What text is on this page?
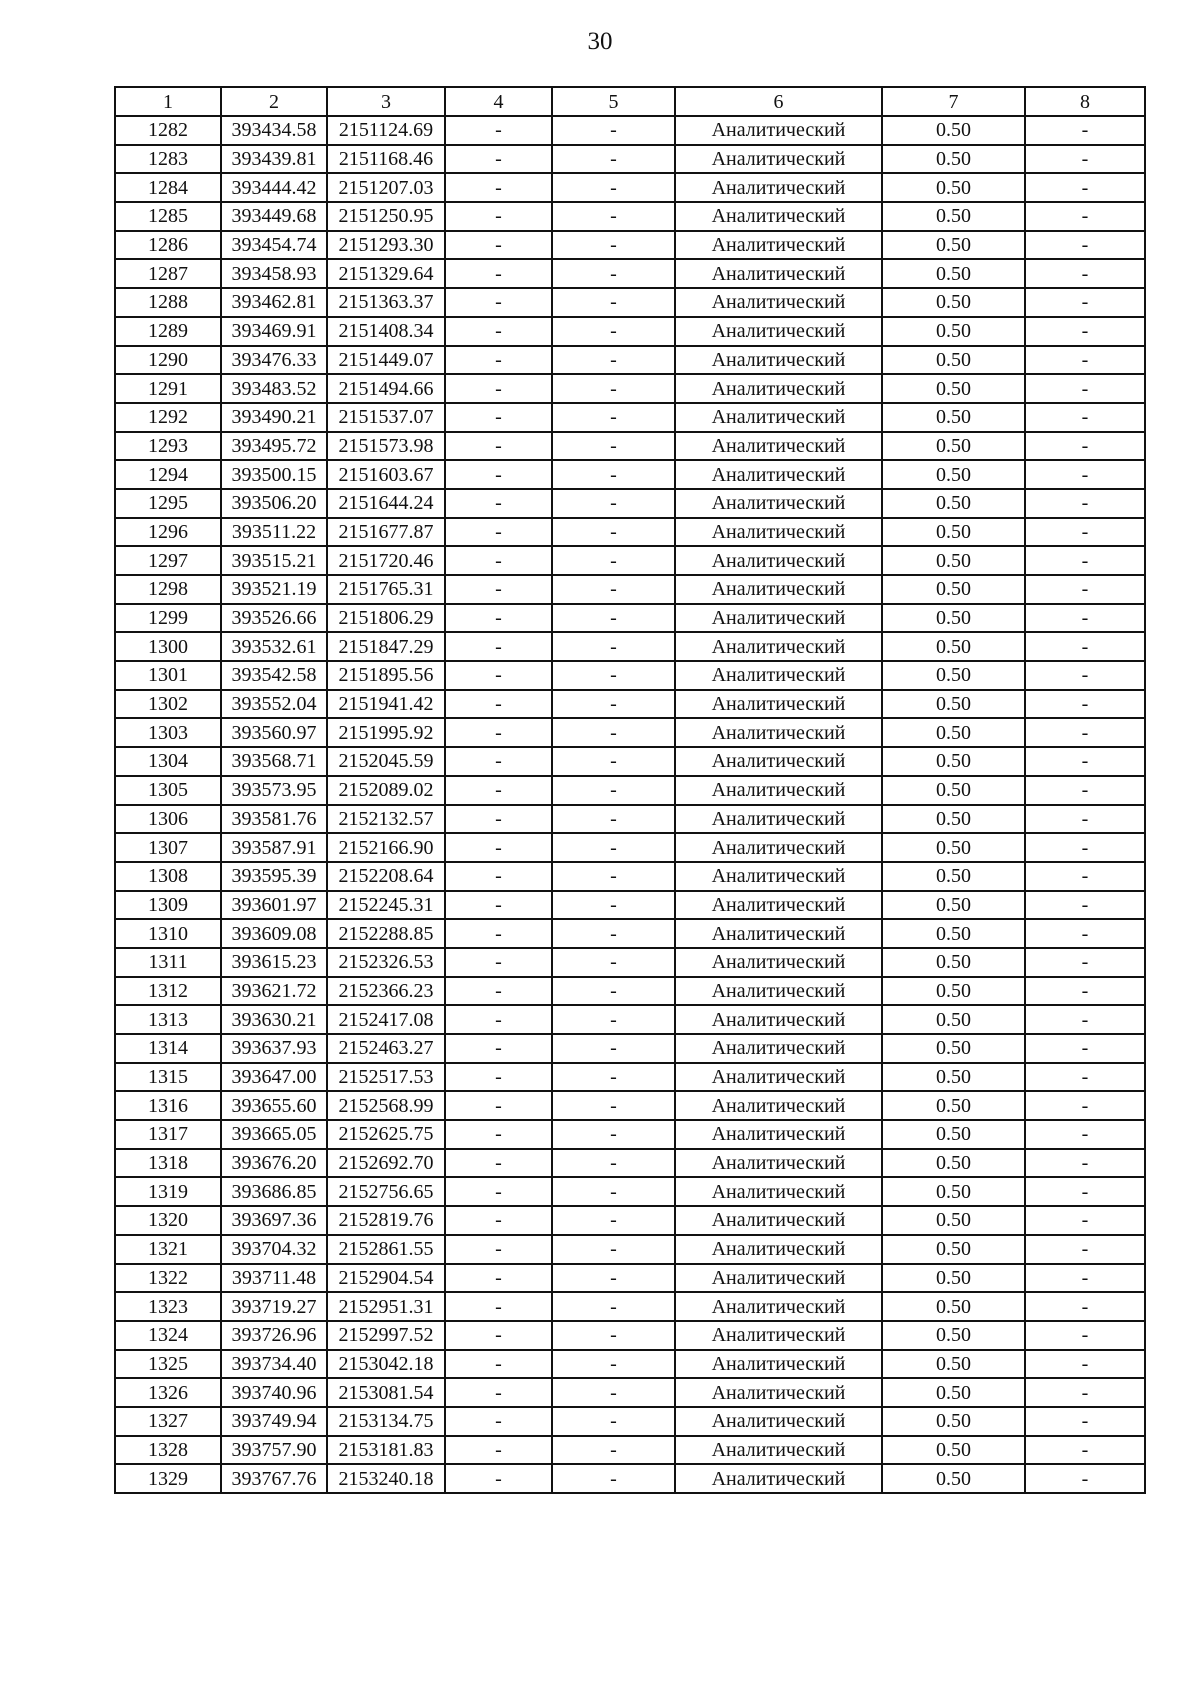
30
1	2	3	4	5	6	7	8
1282	393434.58	2151124.69	-	-	Аналитический	0.50	-
1283	393439.81	2151168.46	-	-	Аналитический	0.50	-
1284	393444.42	2151207.03	-	-	Аналитический	0.50	-
1285	393449.68	2151250.95	-	-	Аналитический	0.50	-
1286	393454.74	2151293.30	-	-	Аналитический	0.50	-
1287	393458.93	2151329.64	-	-	Аналитический	0.50	-
1288	393462.81	2151363.37	-	-	Аналитический	0.50	-
1289	393469.91	2151408.34	-	-	Аналитический	0.50	-
1290	393476.33	2151449.07	-	-	Аналитический	0.50	-
1291	393483.52	2151494.66	-	-	Аналитический	0.50	-
1292	393490.21	2151537.07	-	-	Аналитический	0.50	-
1293	393495.72	2151573.98	-	-	Аналитический	0.50	-
1294	393500.15	2151603.67	-	-	Аналитический	0.50	-
1295	393506.20	2151644.24	-	-	Аналитический	0.50	-
1296	393511.22	2151677.87	-	-	Аналитический	0.50	-
1297	393515.21	2151720.46	-	-	Аналитический	0.50	-
1298	393521.19	2151765.31	-	-	Аналитический	0.50	-
1299	393526.66	2151806.29	-	-	Аналитический	0.50	-
1300	393532.61	2151847.29	-	-	Аналитический	0.50	-
1301	393542.58	2151895.56	-	-	Аналитический	0.50	-
1302	393552.04	2151941.42	-	-	Аналитический	0.50	-
1303	393560.97	2151995.92	-	-	Аналитический	0.50	-
1304	393568.71	2152045.59	-	-	Аналитический	0.50	-
1305	393573.95	2152089.02	-	-	Аналитический	0.50	-
1306	393581.76	2152132.57	-	-	Аналитический	0.50	-
1307	393587.91	2152166.90	-	-	Аналитический	0.50	-
1308	393595.39	2152208.64	-	-	Аналитический	0.50	-
1309	393601.97	2152245.31	-	-	Аналитический	0.50	-
1310	393609.08	2152288.85	-	-	Аналитический	0.50	-
1311	393615.23	2152326.53	-	-	Аналитический	0.50	-
1312	393621.72	2152366.23	-	-	Аналитический	0.50	-
1313	393630.21	2152417.08	-	-	Аналитический	0.50	-
1314	393637.93	2152463.27	-	-	Аналитический	0.50	-
1315	393647.00	2152517.53	-	-	Аналитический	0.50	-
1316	393655.60	2152568.99	-	-	Аналитический	0.50	-
1317	393665.05	2152625.75	-	-	Аналитический	0.50	-
1318	393676.20	2152692.70	-	-	Аналитический	0.50	-
1319	393686.85	2152756.65	-	-	Аналитический	0.50	-
1320	393697.36	2152819.76	-	-	Аналитический	0.50	-
1321	393704.32	2152861.55	-	-	Аналитический	0.50	-
1322	393711.48	2152904.54	-	-	Аналитический	0.50	-
1323	393719.27	2152951.31	-	-	Аналитический	0.50	-
1324	393726.96	2152997.52	-	-	Аналитический	0.50	-
1325	393734.40	2153042.18	-	-	Аналитический	0.50	-
1326	393740.96	2153081.54	-	-	Аналитический	0.50	-
1327	393749.94	2153134.75	-	-	Аналитический	0.50	-
1328	393757.90	2153181.83	-	-	Аналитический	0.50	-
1329	393767.76	2153240.18	-	-	Аналитический	0.50	-
